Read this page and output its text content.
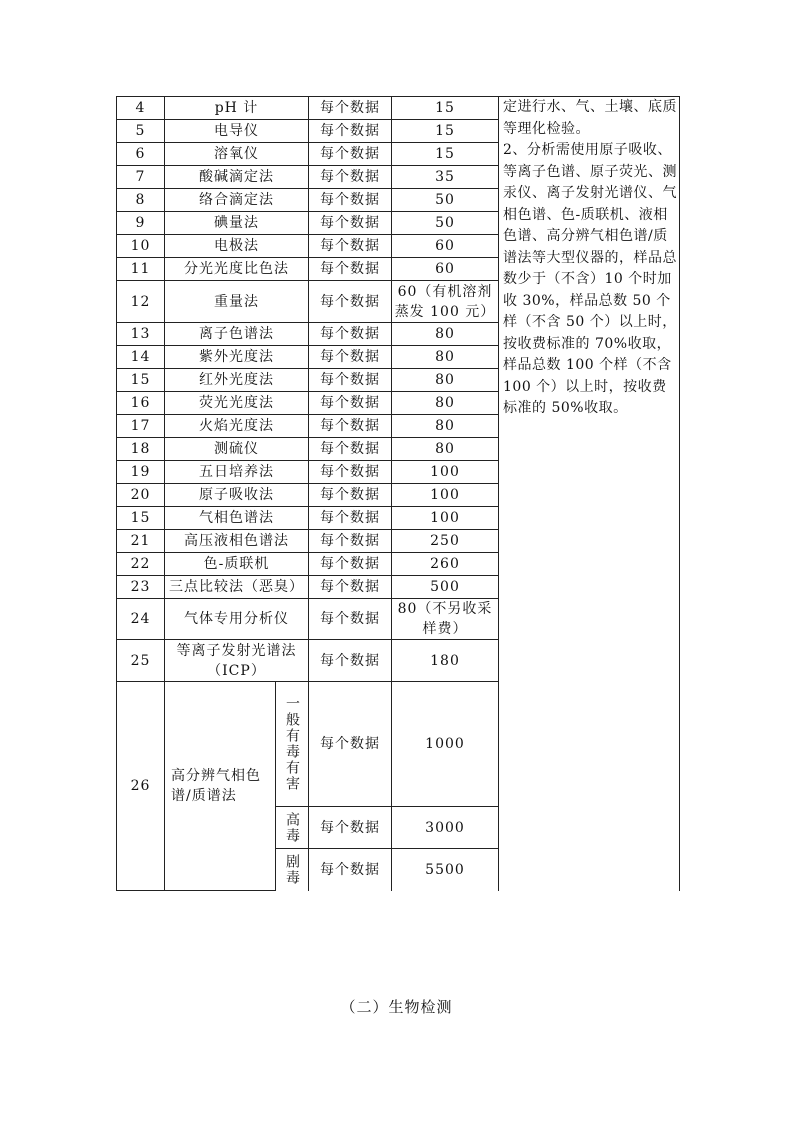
4	pH 计		每个数据	15	定进行水、气、土壤、底质等理化检验。
2、分析需使用原子吸收、等离子色谱、原子荧光、测汞仪、离子发射光谱仪、气相色谱、色-质联机、液相色谱、高分辨气相色谱/质谱法等大型仪器的，样品总数少于（不含）10 个时加收 30%，样品总数 50 个样（不含 50 个）以上时，按收费标准的 70%收取，样品总数 100 个样（不含 100 个）以上时，按收费标准的 50%收取。
5	电导仪		每个数据	15	
6	溶氧仪		每个数据	15	
7	酸碱滴定法		每个数据	35	
8	络合滴定法		每个数据	50	
9	碘量法		每个数据	50	
10	电极法		每个数据	60	
11	分光光度比色法		每个数据	60	
12	重量法		每个数据	60（有机溶剂蒸发 100 元）	
13	离子色谱法		每个数据	80	
14	紫外光度法		每个数据	80	
15	红外光度法		每个数据	80	
16	荧光光度法		每个数据	80	
17	火焰光度法		每个数据	80	
18	测硫仪		每个数据	80	
19	五日培养法		每个数据	100	
20	原子吸收法		每个数据	100	
15	气相色谱法		每个数据	100	
21	高压液相色谱法		每个数据	250	
22	色-质联机		每个数据	260	
23	三点比较法（恶臭）		每个数据	500	
24	气体专用分析仪		每个数据	80（不另收采样费）	
25	等离子发射光谱法（ICP）		每个数据	180	
26	高分辨气相色谱/质谱法	一般有毒有害	每个数据	1000	
		高毒	每个数据	3000	
		剧毒	每个数据	5500	
（二）生物检测
